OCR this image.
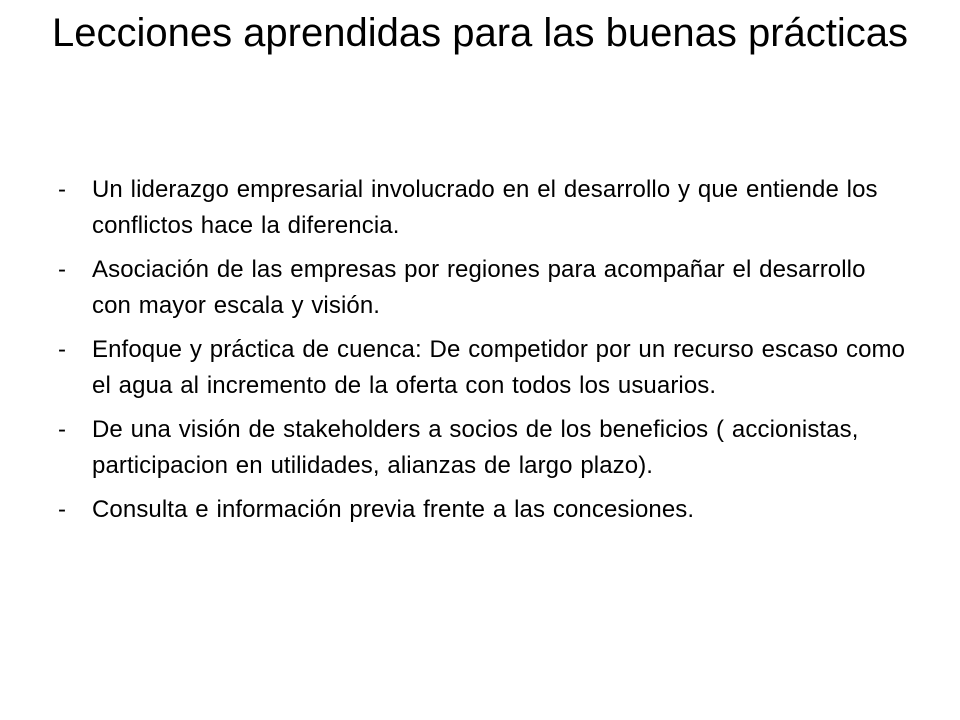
Lecciones aprendidas para las buenas prácticas
- Un liderazgo empresarial involucrado en el desarrollo y que entiende los conflictos hace la diferencia.
- Asociación de las empresas por regiones para acompañar el desarrollo con mayor escala y visión.
- Enfoque y práctica de cuenca: De competidor por un recurso escaso como el agua al incremento de la oferta con todos los usuarios.
- De una visión de stakeholders a socios de los beneficios ( accionistas, participacion en utilidades, alianzas de largo plazo).
- Consulta e información previa frente a las concesiones.
